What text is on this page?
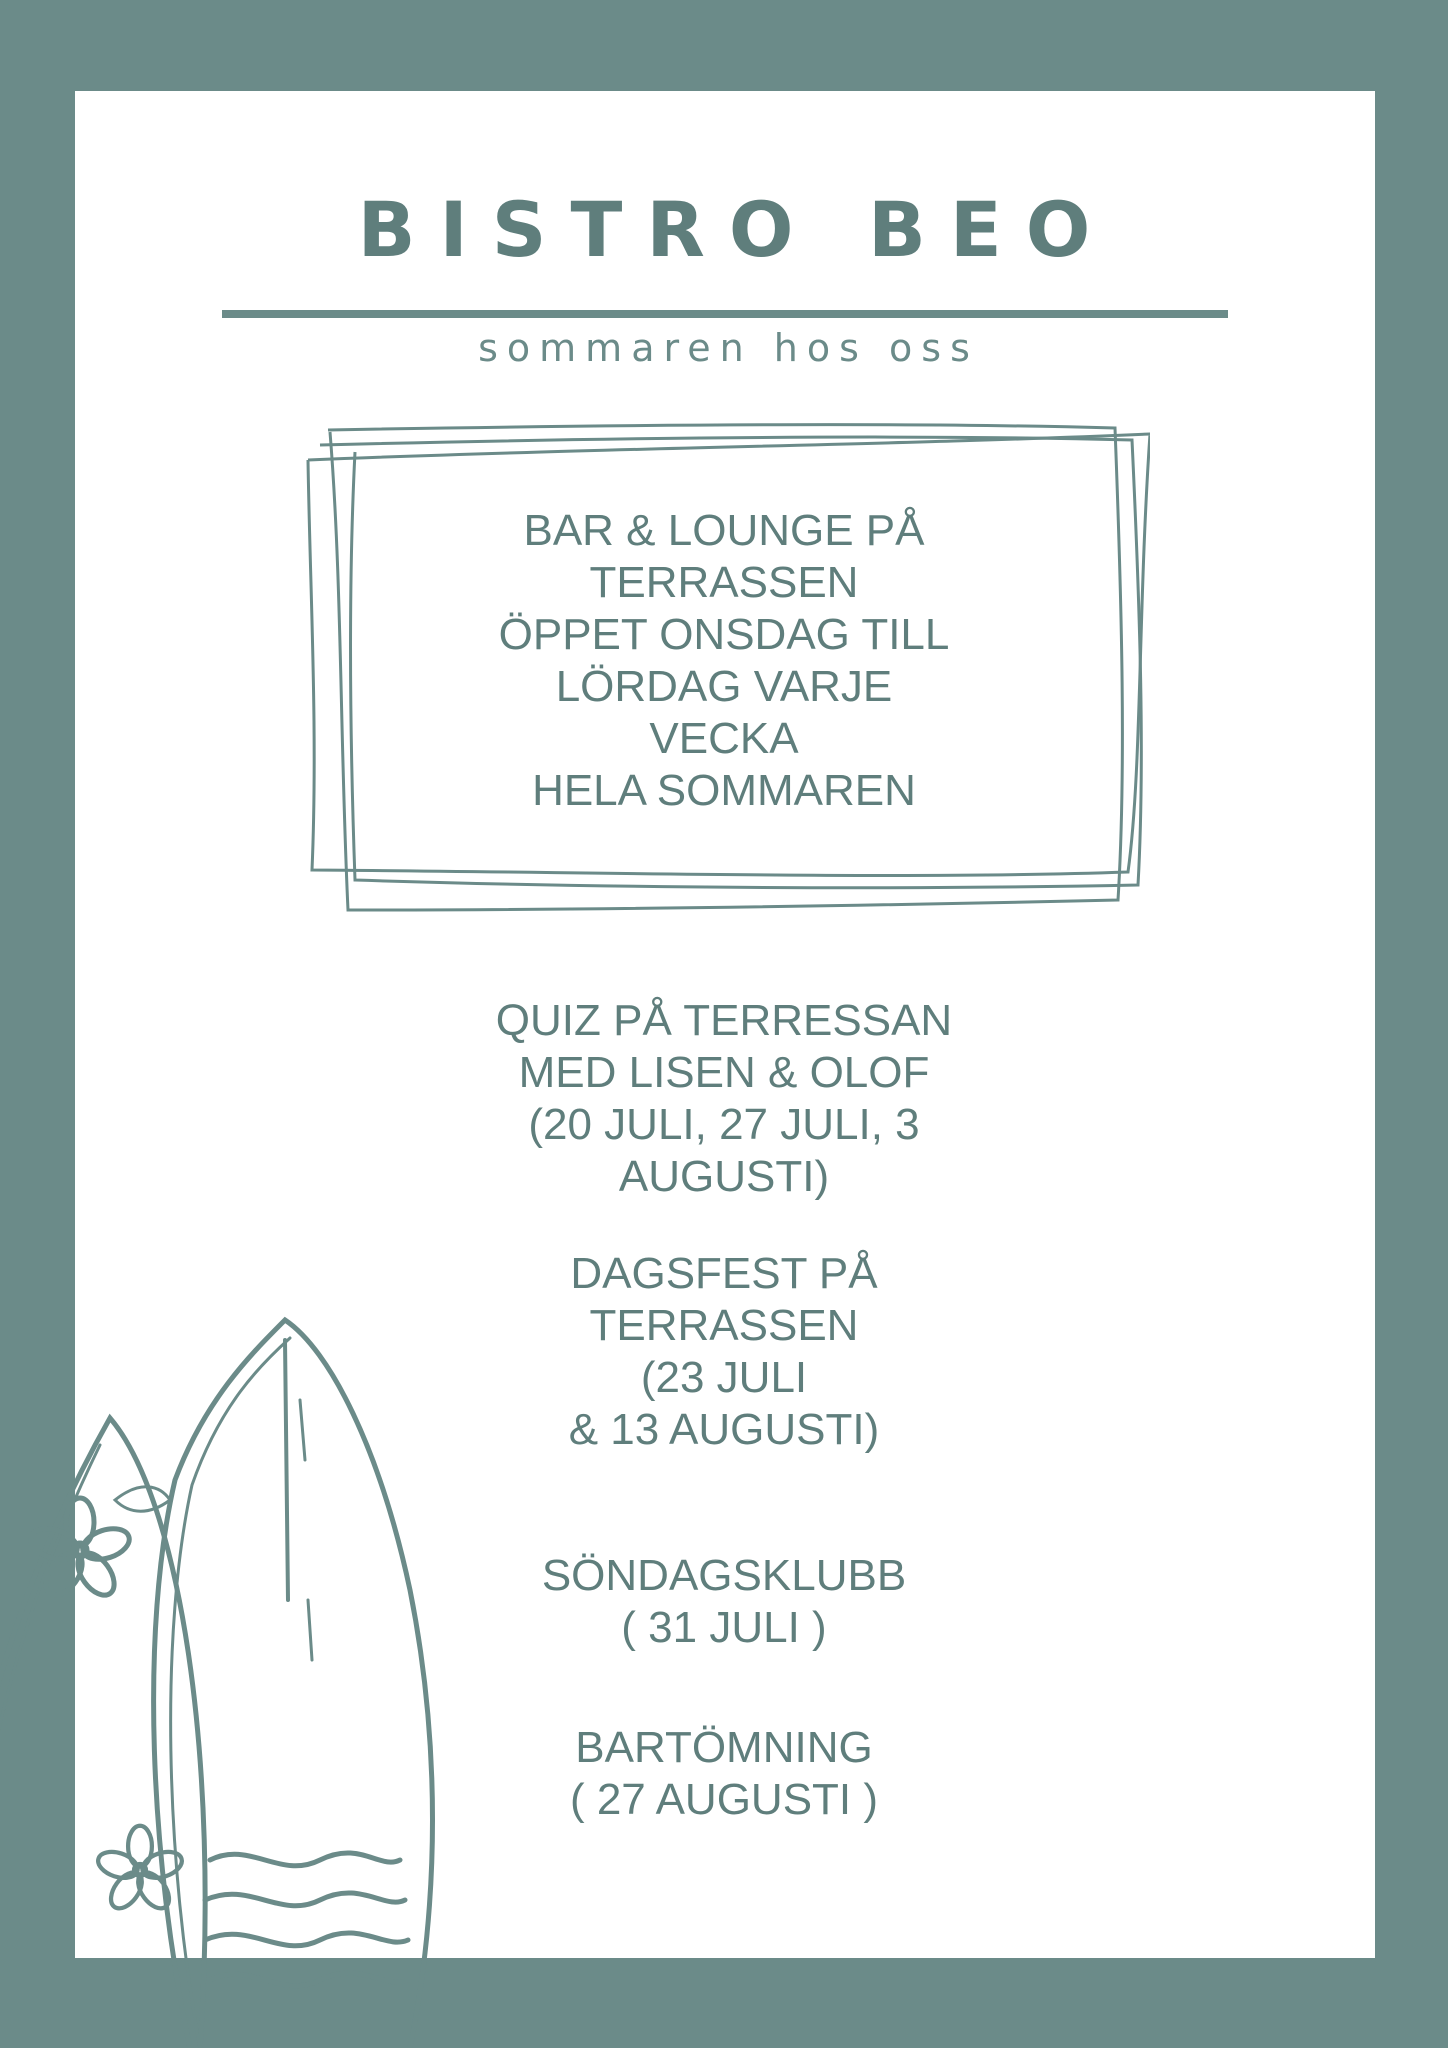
BISTRO BEO
sommaren hos oss
BAR & LOUNGE PÅ
TERRASSEN
ÖPPET ONSDAG TILL
LÖRDAG VARJE
VECKA
HELA SOMMAREN
QUIZ PÅ TERRESSAN
MED LISEN & OLOF
(20 JULI, 27 JULI, 3
AUGUSTI)
DAGSFEST PÅ
TERRASSEN
(23 JULI
& 13 AUGUSTI)
SÖNDAGSKLUBB
( 31 JULI )
BARTÖMNING
( 27 AUGUSTI )
